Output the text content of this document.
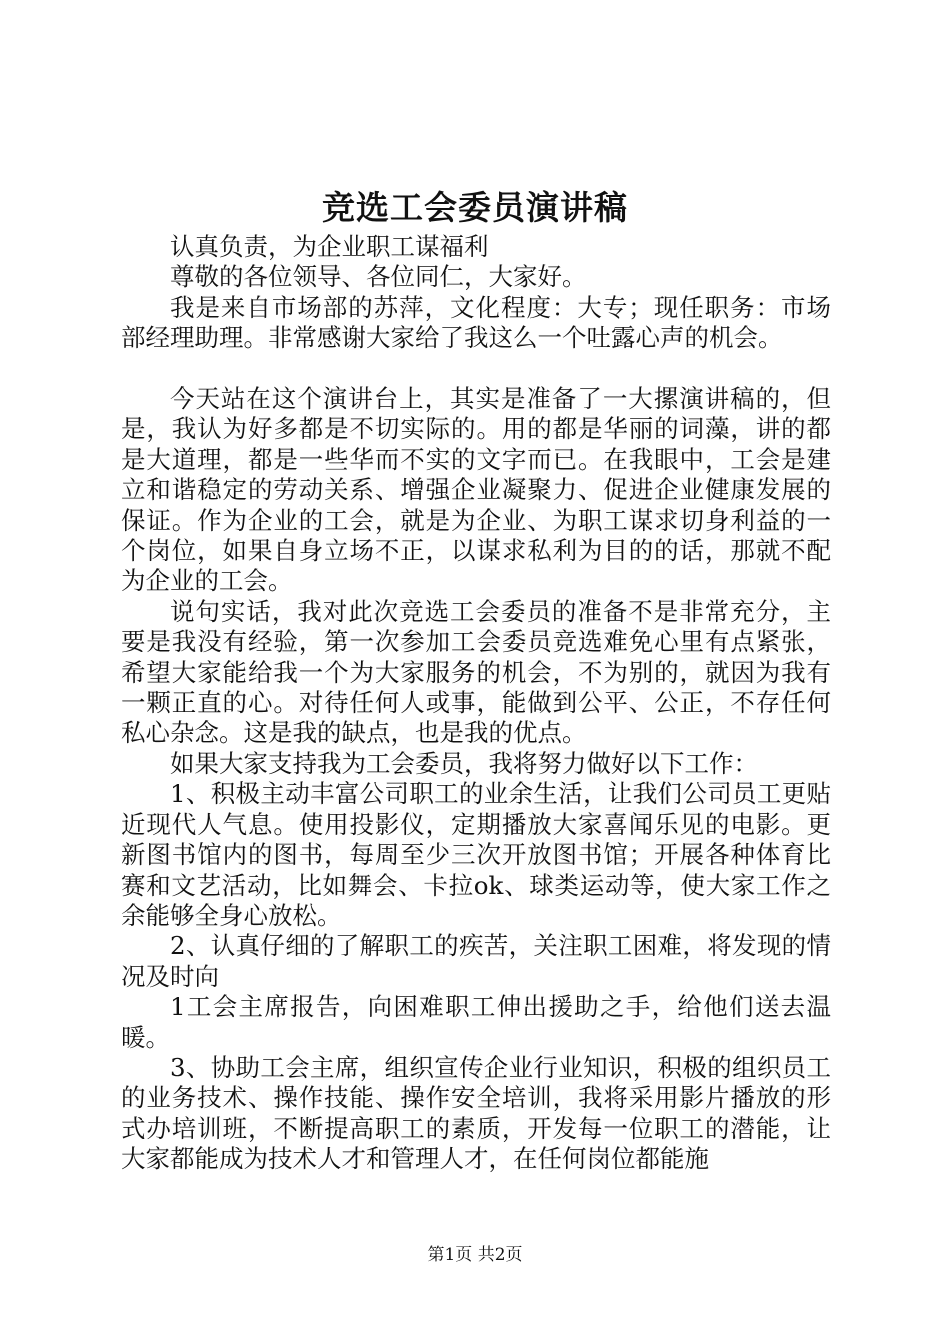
竞选工会委员演讲稿

认真负责，为企业职工谋福利

尊敬的各位领导、各位同仁，大家好。

我是来自市场部的苏萍，文化程度：大专；现任职务：市场部经理助理。非常感谢大家给了我这么一个吐露心声的机会。

今天站在这个演讲台上，其实是准备了一大摞演讲稿的，但是，我认为好多都是不切实际的。用的都是华丽的词藻，讲的都是大道理，都是一些华而不实的文字而已。在我眼中，工会是建立和谐稳定的劳动关系、增强企业凝聚力、促进企业健康发展的保证。作为企业的工会，就是为企业、为职工谋求切身利益的一个岗位，如果自身立场不正，以谋求私利为目的的话，那就不配为企业的工会。

说句实话，我对此次竞选工会委员的准备不是非常充分，主要是我没有经验，第一次参加工会委员竞选难免心里有点紧张，希望大家能给我一个为大家服务的机会，不为别的，就因为我有一颗正直的心。对待任何人或事，能做到公平、公正，不存任何私心杂念。这是我的缺点，也是我的优点。

如果大家支持我为工会委员，我将努力做好以下工作：

1、积极主动丰富公司职工的业余生活，让我们公司员工更贴近现代人气息。使用投影仪，定期播放大家喜闻乐见的电影。更新图书馆内的图书，每周至少三次开放图书馆；开展各种体育比赛和文艺活动，比如舞会、卡拉ok、球类运动等，使大家工作之余能够全身心放松。

2、认真仔细的了解职工的疾苦，关注职工困难，将发现的情况及时向

1工会主席报告，向困难职工伸出援助之手，给他们送去温暖。

3、协助工会主席，组织宣传企业行业知识，积极的组织员工的业务技术、操作技能、操作安全培训，我将采用影片播放的形式办培训班，不断提高职工的素质，开发每一位职工的潜能，让大家都能成为技术人才和管理人才，在任何岗位都能施

第1页 共2页
